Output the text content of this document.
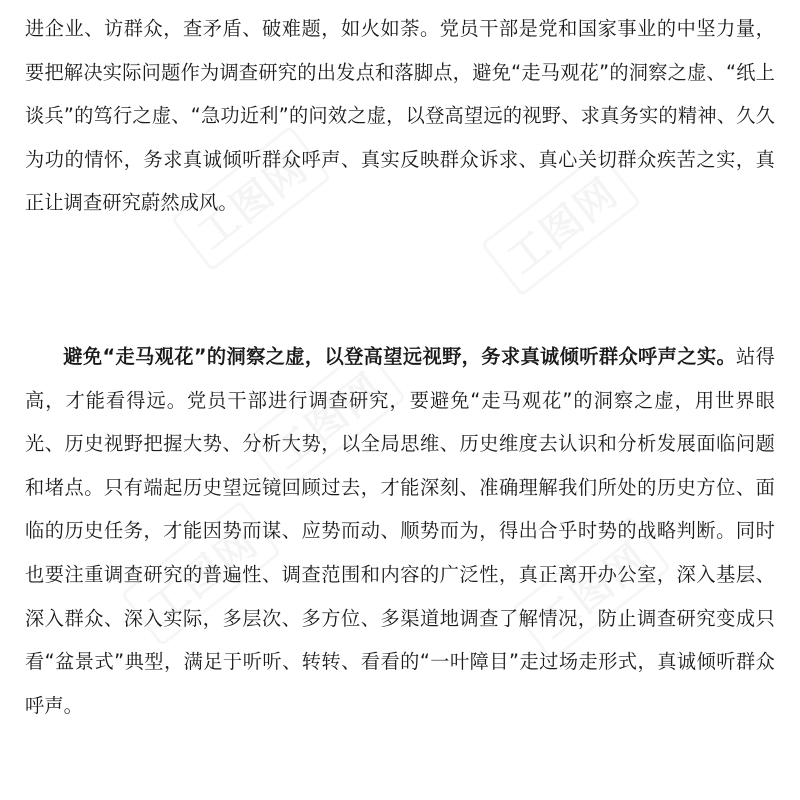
进企业、访群众，查矛盾、破难题，如火如荼。党员干部是党和国家事业的中坚力量，要把解决实际问题作为调查研究的出发点和落脚点，避免“走马观花”的洞察之虚、“纸上谈兵”的笃行之虚、“急功近利”的问效之虚，以登高望远的视野、求真务实的精神、久久为功的情怀，务求真诚倾听群众呼声、真实反映群众诉求、真心关切群众疾苦之实，真正让调查研究蔚然成风。

避免“走马观花”的洞察之虚，以登高望远视野，务求真诚倾听群众呼声之实。站得高，才能看得远。党员干部进行调查研究，要避免“走马观花”的洞察之虚，用世界眼光、历史视野把握大势、分析大势，以全局思维、历史维度去认识和分析发展面临问题和堵点。只有端起历史望远镜回顾过去，才能深刻、准确理解我们所处的历史方位、面临的历史任务，才能因势而谋、应势而动、顺势而为，得出合乎时势的战略判断。同时也要注重调查研究的普遍性、调查范围和内容的广泛性，真正离开办公室，深入基层、深入群众、深入实际，多层次、多方位、多渠道地调查了解情况，防止调查研究变成只看“盆景式”典型，满足于听听、转转、看看的“一叶障目”走过场走形式，真诚倾听群众呼声。
